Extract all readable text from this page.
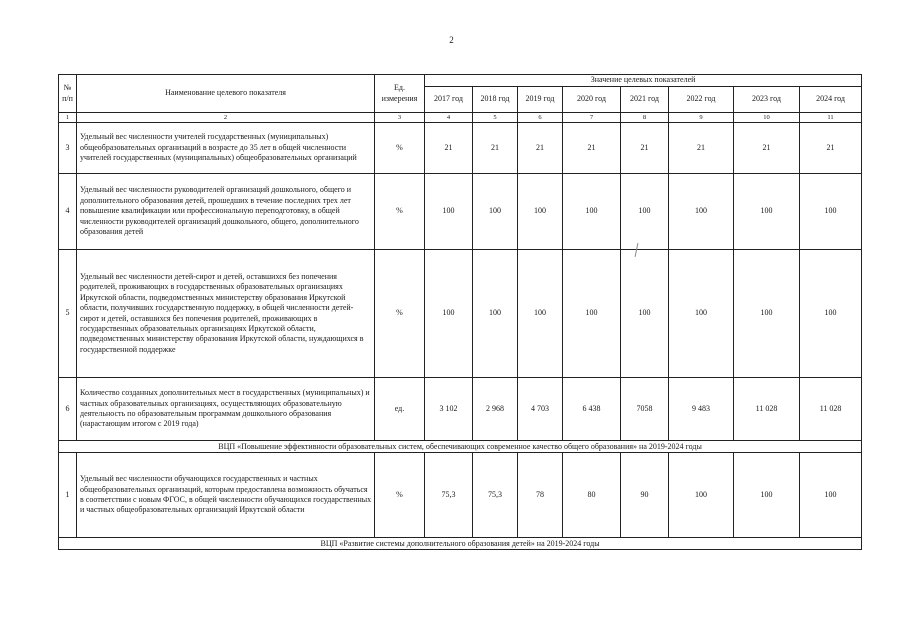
2
№ п/п	Наименование целевого показателя	Ед. измерения	Значение целевых показателей							
			2017 год	2018 год	2019 год	2020 год	2021 год	2022 год	2023 год	2024 год
1	2	3	4	5	6	7	8	9	10	11
3	Удельный вес численности учителей государственных (муниципальных) общеобразовательных организаций в возрасте до 35 лет в общей численности учителей государственных (муниципальных) общеобразовательных организаций	%	21	21	21	21	21	21	21	21
4	Удельный вес численности руководителей организаций дошкольного, общего и дополнительного образования детей, прошедших в течение последних трех лет повышение квалификации или профессиональную переподготовку, в общей численности руководителей организаций дошкольного, общего, дополнительного образования детей	%	100	100	100	100	100	100	100	100
5	Удельный вес численности детей-сирот и детей, оставшихся без попечения родителей, проживающих в государственных образовательных организациях Иркутской области, подведомственных министерству образования Иркутской области, получивших государственную поддержку, в общей численности детей-сирот и детей, оставшихся без попечения родителей, проживающих в государственных образовательных организациях Иркутской области, подведомственных министерству образования Иркутской области, нуждающихся в государственной поддержке	%	100	100	100	100	100	100	100	100
6	Количество созданных дополнительных мест в государственных (муниципальных) и частных образовательных организациях, осуществляющих образовательную деятельность по образовательным программам дошкольного образования (нарастающим итогом с 2019 года)	ед.	3 102	2 968	4 703	6 438	7058	9 483	11 028	11 028
ВЦП «Повышение эффективности образовательных систем, обеспечивающих современное качество общего образования» на 2019-2024 годы										
1	Удельный вес численности обучающихся государственных и частных общеобразовательных организаций, которым предоставлена возможность обучаться в соответствии с новым ФГОС, в общей численности обучающихся государственных и частных общеобразовательных организаций Иркутской области	%	75,3	75,3	78	80	90	100	100	100
ВЦП «Развитие системы дополнительного образования детей» на 2019-2024 годы										
